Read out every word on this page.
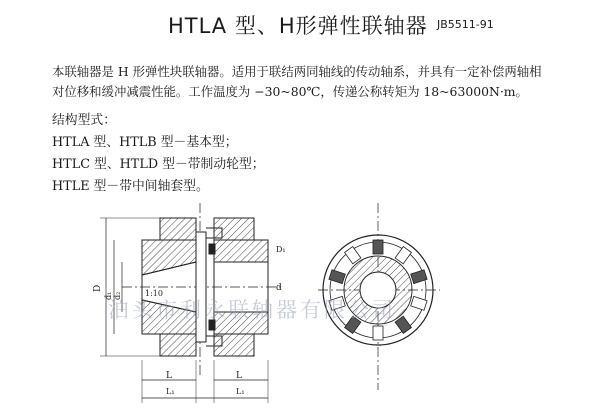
HTLA 型、H形弹性联轴器 JB5511-91
本联轴器是 H 形弹性块联轴器。适用于联结两同轴线的传动轴系，并具有一定补偿两轴相
对位移和缓冲减震性能。工作温度为 −30~80℃，传递公称转矩为 18~63000N·m。
结构型式：
HTLA 型、HTLB 型－基本型；
HTLC 型、HTLD 型－带制动轮型；
HTLE 型－带中间轴套型。
D
d₁ d₂	1:10
L
L₁
L
L₁
d
D₁
泊头市利永联轴器有限公司
